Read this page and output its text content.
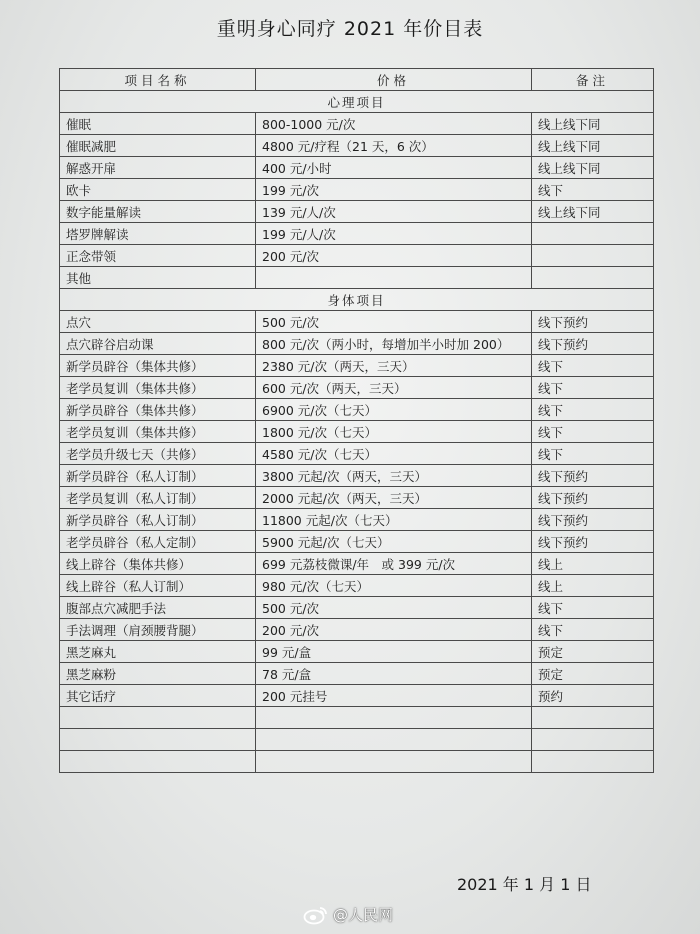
重明身心同疗 2021 年价目表
项目名称	价格	备注
心理项目		
催眠	800-1000 元/次	线上线下同
催眠减肥	4800 元/疗程（21 天，6 次）	线上线下同
解惑开扉	400 元/小时	线上线下同
欧卡	199 元/次	线下
数字能量解读	139 元/人/次	线上线下同
塔罗牌解读	199 元/人/次	
正念带领	200 元/次	
其他		
身体项目		
点穴	500 元/次	线下预约
点穴辟谷启动课	800 元/次（两小时，每增加半小时加 200）	线下预约
新学员辟谷（集体共修）	2380 元/次（两天，三天）	线下
老学员复训（集体共修）	600 元/次（两天，三天）	线下
新学员辟谷（集体共修）	6900 元/次（七天）	线下
老学员复训（集体共修）	1800 元/次（七天）	线下
老学员升级七天（共修）	4580 元/次（七天）	线下
新学员辟谷（私人订制）	3800 元起/次（两天，三天）	线下预约
老学员复训（私人订制）	2000 元起/次（两天，三天）	线下预约
新学员辟谷（私人订制）	11800 元起/次（七天）	线下预约
老学员辟谷（私人定制）	5900 元起/次（七天）	线下预约
线上辟谷（集体共修）	699 元荔枝微课/年　或 399 元/次	线上
线上辟谷（私人订制）	980 元/次（七天）	线上
腹部点穴减肥手法	500 元/次	线下
手法调理（肩颈腰背腿）	200 元/次	线下
黑芝麻丸	99 元/盒	预定
黑芝麻粉	78 元/盒	预定
其它话疗	200 元挂号	预约

2021 年 1 月 1 日
@人民网
